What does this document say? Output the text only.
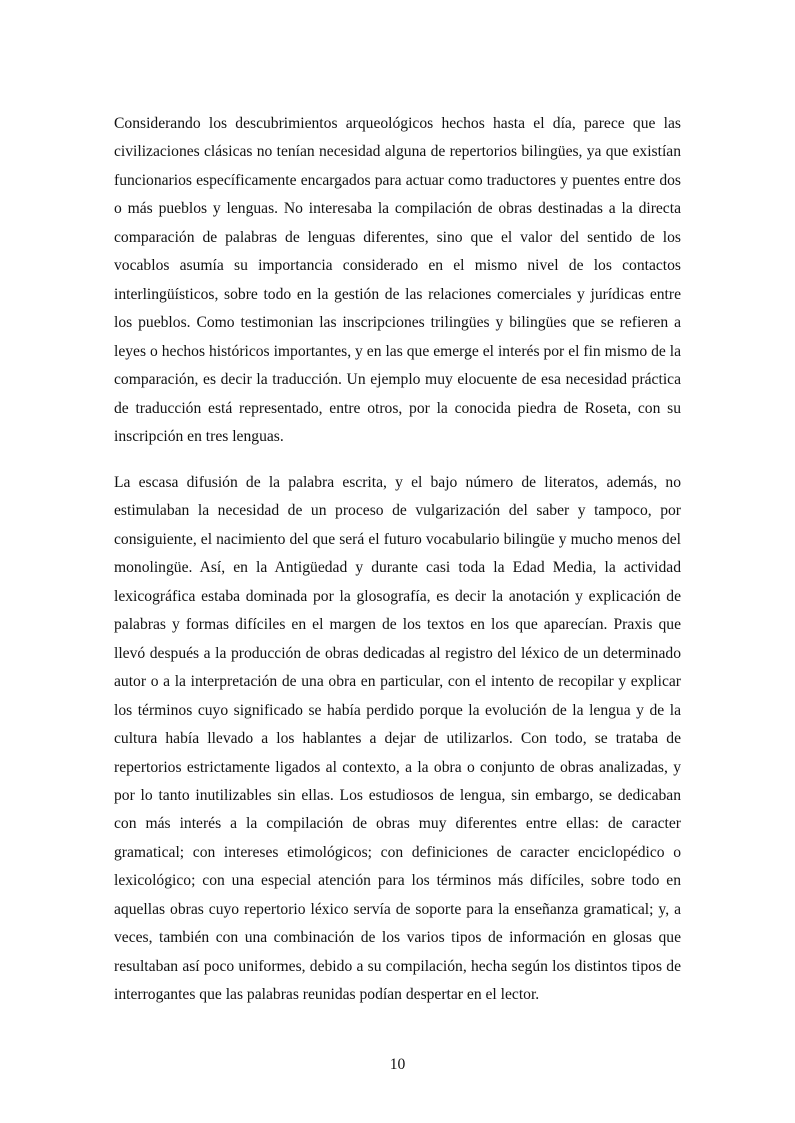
Considerando los descubrimientos arqueológicos hechos hasta el día, parece que las civilizaciones clásicas no tenían necesidad alguna de repertorios bilingües, ya que existían funcionarios específicamente encargados para actuar como traductores y puentes entre dos o más pueblos y lenguas. No interesaba la compilación de obras destinadas a la directa comparación de palabras de lenguas diferentes, sino que el valor del sentido de los vocablos asumía su importancia considerado en el mismo nivel de los contactos interlingüísticos, sobre todo en la gestión de las relaciones comerciales y jurídicas entre los pueblos. Como testimonian las inscripciones trilingües y bilingües que se refieren a leyes o hechos históricos importantes, y en las que emerge el interés por el fin mismo de la comparación, es decir la traducción. Un ejemplo muy elocuente de esa necesidad práctica de traducción está representado, entre otros, por la conocida piedra de Roseta, con su inscripción en tres lenguas.

La escasa difusión de la palabra escrita, y el bajo número de literatos, además, no estimulaban la necesidad de un proceso de vulgarización del saber y tampoco, por consiguiente, el nacimiento del que será el futuro vocabulario bilingüe y mucho menos del monolingüe. Así, en la Antigüedad y durante casi toda la Edad Media, la actividad lexicográfica estaba dominada por la glosografía, es decir la anotación y explicación de palabras y formas difíciles en el margen de los textos en los que aparecían. Praxis que llevó después a la producción de obras dedicadas al registro del léxico de un determinado autor o a la interpretación de una obra en particular, con el intento de recopilar y explicar los términos cuyo significado se había perdido porque la evolución de la lengua y de la cultura había llevado a los hablantes a dejar de utilizarlos. Con todo, se trataba de repertorios estrictamente ligados al contexto, a la obra o conjunto de obras analizadas, y por lo tanto inutilizables sin ellas. Los estudiosos de lengua, sin embargo, se dedicaban con más interés a la compilación de obras muy diferentes entre ellas: de caracter gramatical; con intereses etimológicos; con definiciones de caracter enciclopédico o lexicológico; con una especial atención para los términos más difíciles, sobre todo en aquellas obras cuyo repertorio léxico servía de soporte para la enseñanza gramatical; y, a veces, también con una combinación de los varios tipos de información en glosas que resultaban así poco uniformes, debido a su compilación, hecha según los distintos tipos de interrogantes que las palabras reunidas podían despertar en el lector.

10
